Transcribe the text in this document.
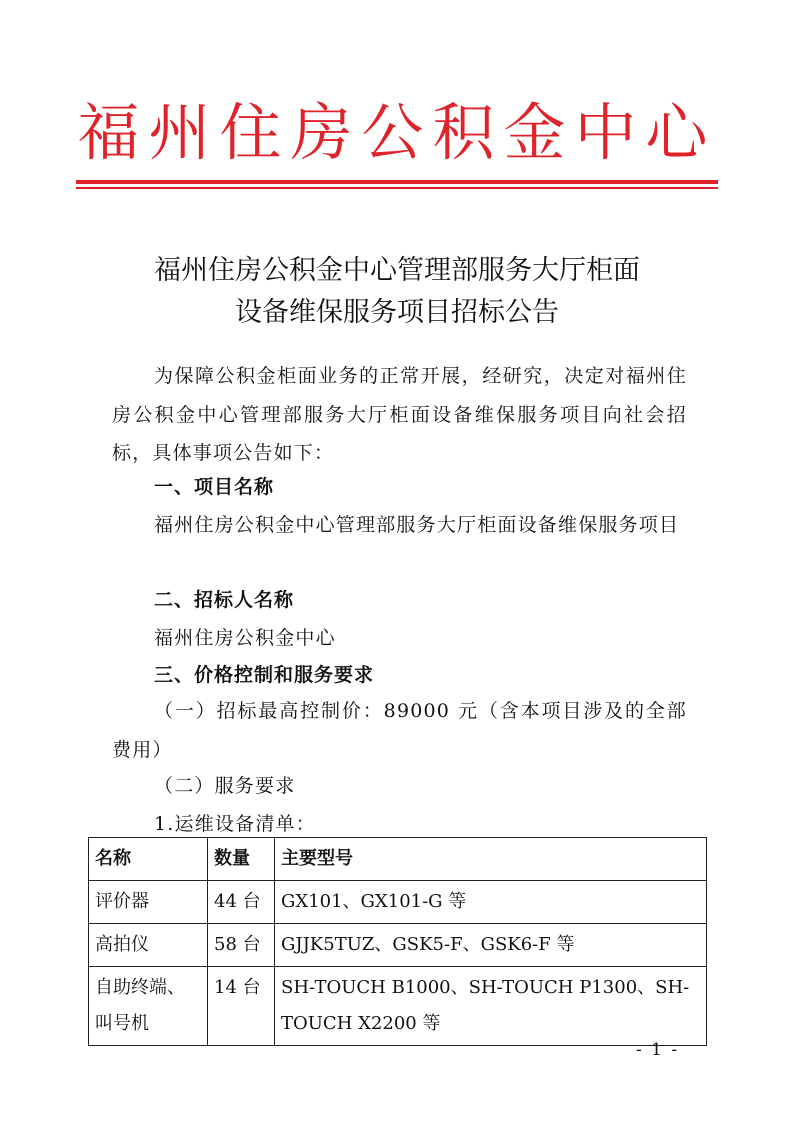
福州住房公积金中心
福州住房公积金中心管理部服务大厅柜面
设备维保服务项目招标公告
为保障公积金柜面业务的正常开展，经研究，决定对福州住房公积金中心管理部服务大厅柜面设备维保服务项目向社会招标，具体事项公告如下：
一、项目名称
福州住房公积金中心管理部服务大厅柜面设备维保服务项目
二、招标人名称
福州住房公积金中心
三、价格控制和服务要求
（一）招标最高控制价：89000 元（含本项目涉及的全部费用）
（二）服务要求
1.运维设备清单：
名称	数量	主要型号
评价器	44 台	GX101、GX101-G 等
高拍仪	58 台	GJJK5TUZ、GSK5-F、GSK6-F 等
自助终端、叫号机	14 台	SH-TOUCH B1000、SH-TOUCH P1300、SH-TOUCH X2200 等
- 1 -
